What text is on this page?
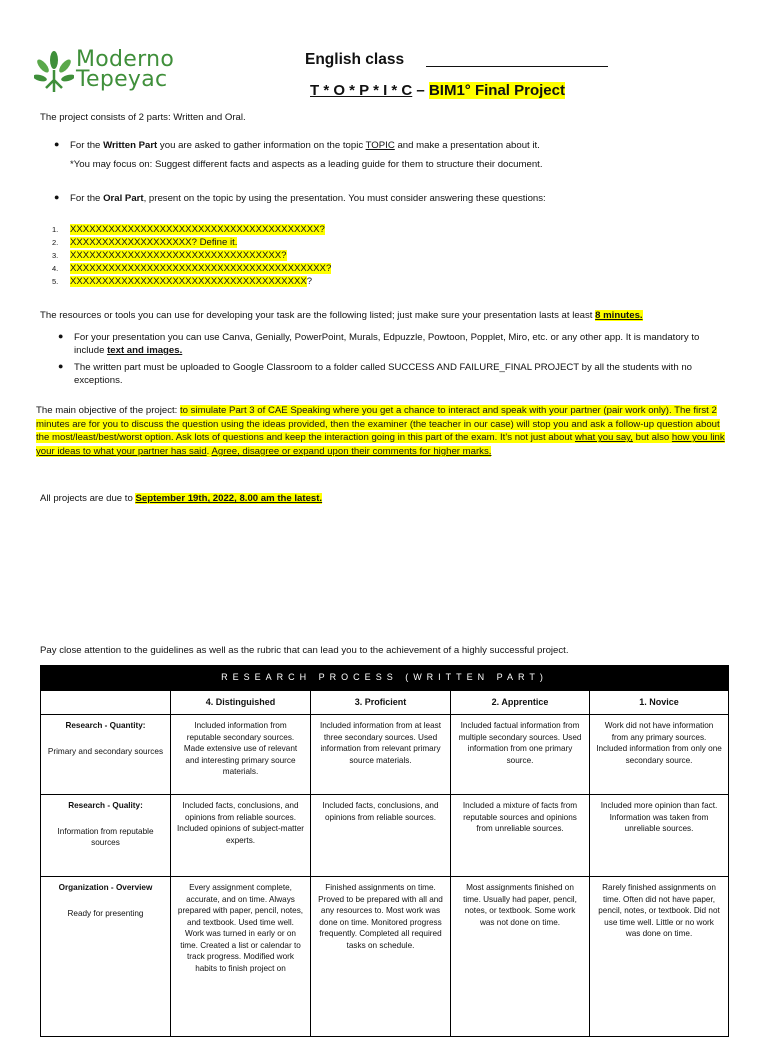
Moderno
Tepeyac
English class
T * O * P * I * C – BIM1° Final Project
The project consists of 2 parts: Written and Oral.
● For the Written Part you are asked to gather information on the topic TOPIC and make a presentation about it.
*You may focus on: Suggest different facts and aspects as a leading guide for them to structure their document.
● For the Oral Part, present on the topic by using the presentation. You must consider answering these questions:
1. XXXXXXXXXXXXXXXXXXXXXXXXXXXXXXXXXXXXXXX?
2. XXXXXXXXXXXXXXXXXXX? Define it.
3. XXXXXXXXXXXXXXXXXXXXXXXXXXXXXXXXX?
4. XXXXXXXXXXXXXXXXXXXXXXXXXXXXXXXXXXXXXXXX?
5. XXXXXXXXXXXXXXXXXXXXXXXXXXXXXXXXXXXXX?
The resources or tools you can use for developing your task are the following listed; just make sure your presentation lasts at least 8 minutes.
● For your presentation you can use Canva, Genially, PowerPoint, Murals, Edpuzzle, Powtoon, Popplet, Miro, etc. or any other app. It is mandatory to include text and images.
● The written part must be uploaded to Google Classroom to a folder called SUCCESS AND FAILURE_FINAL PROJECT by all the students with no exceptions.
The main objective of the project: to simulate Part 3 of CAE Speaking where you get a chance to interact and speak with your partner (pair work only). The first 2 minutes are for you to discuss the question using the ideas provided, then the examiner (the teacher in our case) will stop you and ask a follow-up question about the most/least/best/worst option. Ask lots of questions and keep the interaction going in this part of the exam. It’s not just about what you say, but also how you link your ideas to what your partner has said. Agree, disagree or expand upon their comments for higher marks.
All projects are due to September 19th, 2022, 8.00 am the latest.
Pay close attention to the guidelines as well as the rubric that can lead you to the achievement of a highly successful project.
RESEARCH PROCESS (WRITTEN PART)				
	4. Distinguished	3. Proficient	2. Apprentice	1. Novice

Research - Quantity:
Primary and secondary sources	Included information from reputable secondary sources. Made extensive use of relevant and interesting primary source materials.	Included information from at least three secondary sources. Used information from relevant primary source materials.	Included factual information from multiple secondary sources. Used information from one primary source.	Work did not have information from any primary sources. Included information from only one secondary source.

Research - Quality:
Information from reputable sources	Included facts, conclusions, and opinions from reliable sources. Included opinions of subject-matter experts.	Included facts, conclusions, and opinions from reliable sources.	Included a mixture of facts from reputable sources and opinions from unreliable sources.	Included more opinion than fact. Information was taken from unreliable sources.

Organization - Overview
Ready for presenting	Every assignment complete, accurate, and on time. Always prepared with paper, pencil, notes, and textbook. Used time well. Work was turned in early or on time. Created a list or calendar to track progress. Modified work habits to finish project on	Finished assignments on time. Proved to be prepared with all and any resources to. Most work was done on time. Monitored progress frequently. Completed all required tasks on schedule.	Most assignments finished on time. Usually had paper, pencil, notes, or textbook. Some work was not done on time.	Rarely finished assignments on time. Often did not have paper, pencil, notes, or textbook. Did not use time well. Little or no work was done on time.
